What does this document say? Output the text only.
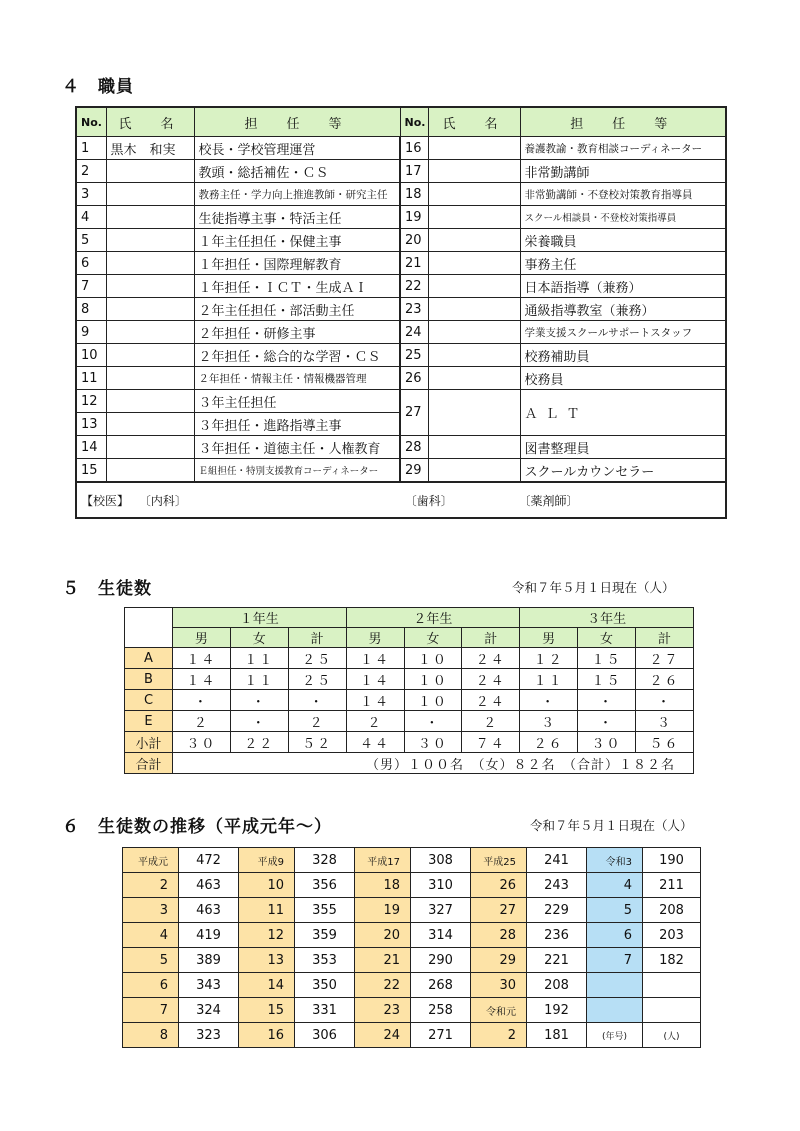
４　職員
No.	氏　名	担　任　等	No.	氏　名	担　任　等
1	黒木　和実	校長・学校管理運営	16		養護教諭・教育相談コーディネーター
2		教頭・総括補佐・ＣＳ	17		非常勤講師
3		教務主任・学力向上推進教師・研究主任	18		非常勤講師・不登校対策教育指導員
4		生徒指導主事・特活主任	19		スクール相談員・不登校対策指導員
5		１年主任担任・保健主事	20		栄養職員
6		１年担任・国際理解教育	21		事務主任
7		１年担任・ＩＣＴ・生成ＡＩ	22		日本語指導（兼務）
8		２年主任担任・部活動主任	23		通級指導教室（兼務）
9		２年担任・研修主事	24		学業支援スクールサポートスタッフ
10		２年担任・総合的な学習・ＣＳ	25		校務補助員
11		２年担任・情報主任・情報機器管理	26		校務員
12		３年主任担任	27		ＡＬＴ
13		３年担任・進路指導主事			
14		３年担任・道徳主任・人権教育	28		図書整理員
15		Ｅ組担任・特別支援教育コーディネーター	29		スクールカウンセラー
【校医】 〔内科〕 〔歯科〕 〔薬剤師〕					
５　生徒数	令和７年５月１日現在（人）
	１年生			２年生			３年生		
	男	女	計	男	女	計	男	女	計
A	１４	１１	２５	１４	１０	２４	１２	１５	２７
B	１４	１１	２５	１４	１０	２４	１１	１５	２６
C	・	・	・	１４	１０	２４	・	・	・
E	２	・	２	２	・	２	３	・	３
小計	３０	２２	５２	４４	３０	７４	２６	３０	５６
合計	（男）１００名　（女）８２名　（合計）１８２名								
６　生徒数の推移（平成元年～）	令和７年５月１日現在（人）
平成元	472	平成9	328	平成17	308	平成25	241	令和3	190
2	463	10	356	18	310	26	243	4	211
3	463	11	355	19	327	27	229	5	208
4	419	12	359	20	314	28	236	6	203
5	389	13	353	21	290	29	221	7	182
6	343	14	350	22	268	30	208		
7	324	15	331	23	258	令和元	192		
8	323	16	306	24	271	2	181	(年号)	(人)
